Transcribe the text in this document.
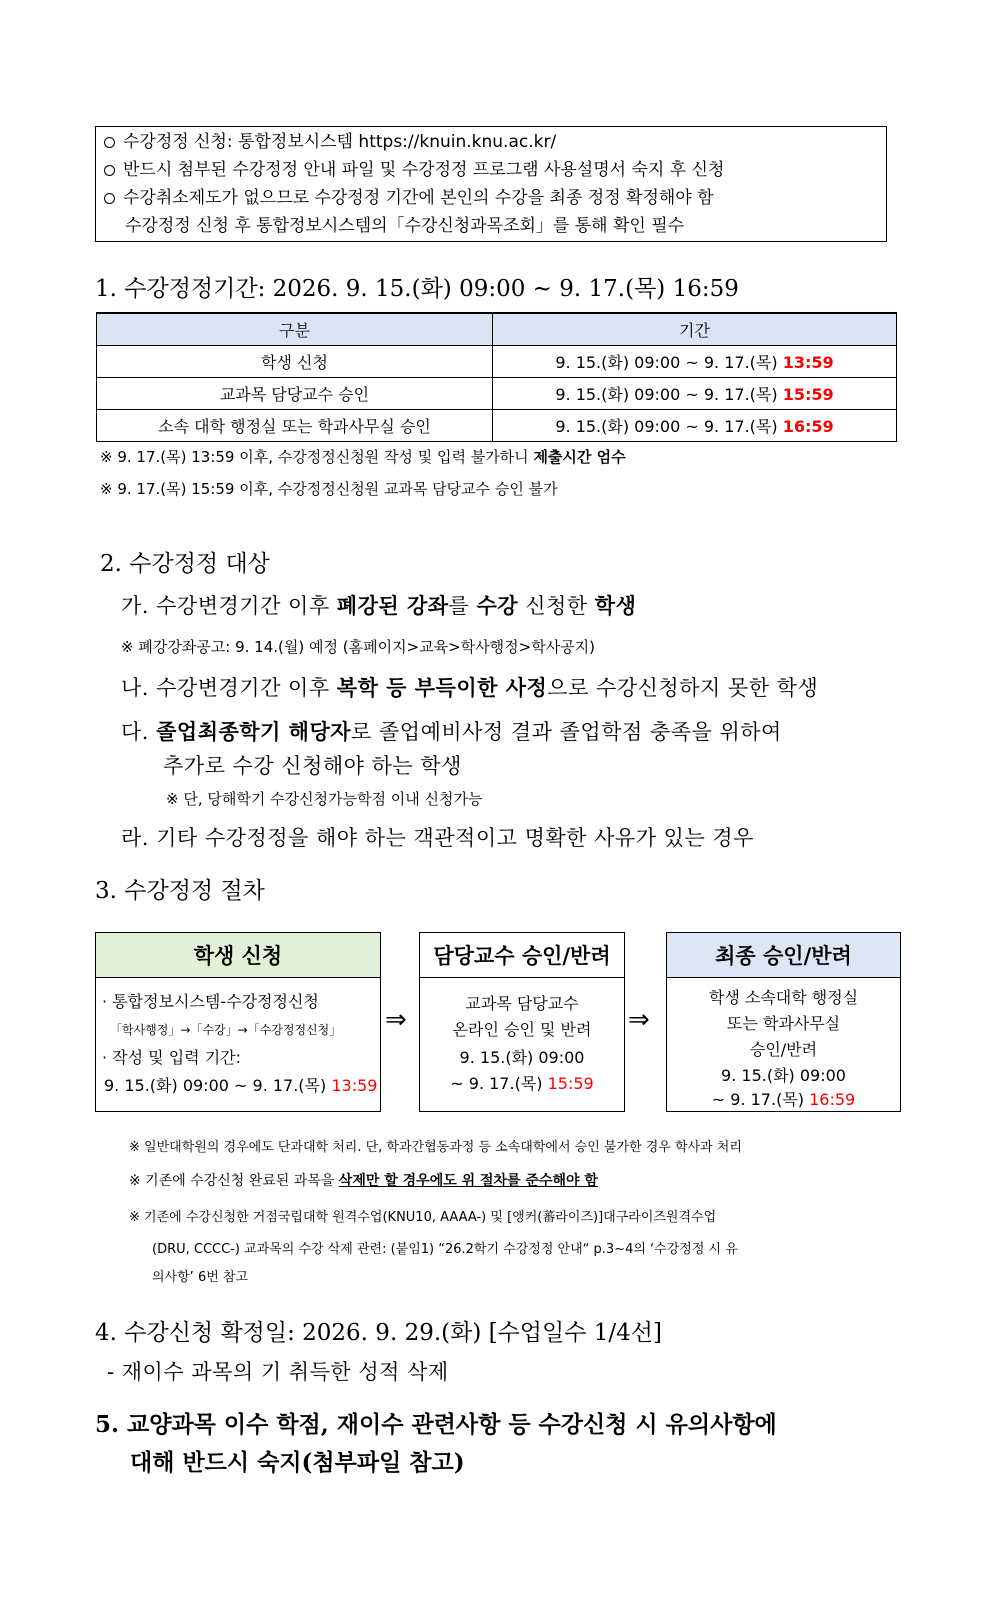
수강정정 신청: 통합정보시스템 https://knuin.knu.ac.kr/
반드시 첨부된 수강정정 안내 파일 및 수강정정 프로그램 사용설명서 숙지 후 신청
수강취소제도가 없으므로 수강정정 기간에 본인의 수강을 최종 정정 확정해야 함
수강정정 신청 후 통합정보시스템의「수강신청과목조회」를 통해 확인 필수
1. 수강정정기간: 2026. 9. 15.(화) 09:00 ~ 9. 17.(목) 16:59
구분	기간
학생 신청	9. 15.(화) 09:00 ~ 9. 17.(목) 13:59
교과목 담당교수 승인	9. 15.(화) 09:00 ~ 9. 17.(목) 15:59
소속 대학 행정실 또는 학과사무실 승인	9. 15.(화) 09:00 ~ 9. 17.(목) 16:59
※ 9. 17.(목) 13:59 이후, 수강정정신청원 작성 및 입력 불가하니 제출시간 엄수
※ 9. 17.(목) 15:59 이후, 수강정정신청원 교과목 담당교수 승인 불가
2. 수강정정 대상
가. 수강변경기간 이후 폐강된 강좌를 수강 신청한 학생
※ 폐강강좌공고: 9. 14.(월) 예정 (홈페이지>교육>학사행정>학사공지)
나. 수강변경기간 이후 복학 등 부득이한 사정으로 수강신청하지 못한 학생
다. 졸업최종학기 해당자로 졸업예비사정 결과 졸업학점 충족을 위하여
추가로 수강 신청해야 하는 학생
※ 단, 당해학기 수강신청가능학점 이내 신청가능
라. 기타 수강정정을 해야 하는 객관적이고 명확한 사유가 있는 경우
3. 수강정정 절차
학생 신청
· 통합정보시스템-수강정정신청
「학사행정」→「수강」→「수강정정신청」
· 작성 및 입력 기간:
9. 15.(화) 09:00 ~ 9. 17.(목) 13:59
⇒
담당교수 승인/반려
교과목 담당교수
온라인 승인 및 반려
9. 15.(화) 09:00
~ 9. 17.(목) 15:59
⇒
최종 승인/반려
학생 소속대학 행정실
또는 학과사무실
승인/반려
9. 15.(화) 09:00
~ 9. 17.(목) 16:59
※ 일반대학원의 경우에도 단과대학 처리. 단, 학과간협동과정 등 소속대학에서 승인 불가한 경우 학사과 처리
※ 기존에 수강신청 완료된 과목을 삭제만 할 경우에도 위 절차를 준수해야 함
※ 기존에 수강신청한 거점국립대학 원격수업(KNU10, AAAA-) 및 [앵커(蕃라이즈)]대구라이즈원격수업
(DRU, CCCC-) 교과목의 수강 삭제 관련: (붙임1) “26.2학기 수강정정 안내“ p.3~4의 ‘수강정정 시 유
의사항’ 6번 참고
4. 수강신청 확정일: 2026. 9. 29.(화) [수업일수 1/4선]
- 재이수 과목의 기 취득한 성적 삭제
5. 교양과목 이수 학점, 재이수 관련사항 등 수강신청 시 유의사항에
대해 반드시 숙지(첨부파일 참고)
